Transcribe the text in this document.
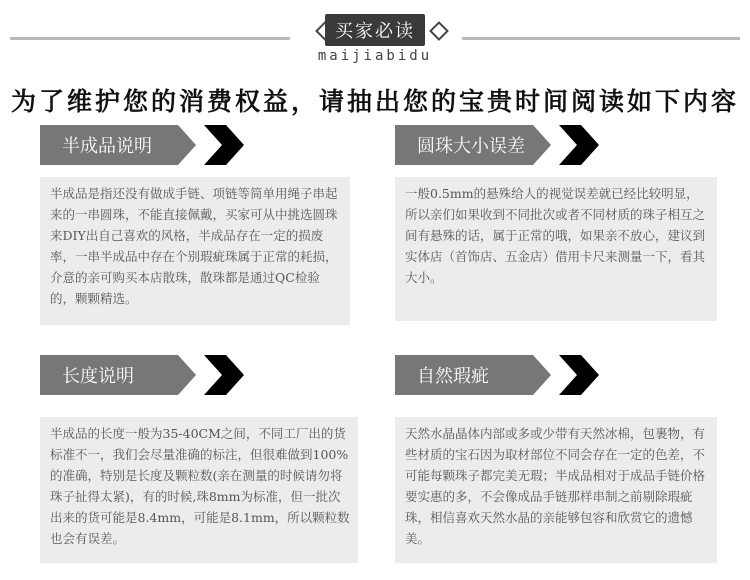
买家必读
maijiabidu
为了维护您的消费权益，请抽出您的宝贵时间阅读如下内容
半成品说明
半成品是指还没有做成手链、项链等简单用绳子串起来的一串圆珠，不能直接佩戴，买家可从中挑选圆珠来DIY出自己喜欢的风格，半成品存在一定的损废率，一串半成品中存在个别瑕疵珠属于正常的耗损，介意的亲可购买本店散珠，散珠都是通过QC检验的，颗颗精选。
圆珠大小误差
一般0.5mm的悬殊给人的视觉误差就已经比较明显，所以亲们如果收到不同批次或者不同材质的珠子相互之间有悬殊的话，属于正常的哦，如果亲不放心，建议到实体店（首饰店、五金店）借用卡尺来测量一下，看其大小。
长度说明
半成品的长度一般为35-40CM之间，不同工厂出的货标准不一，我们会尽量准确的标注，但很难做到100%的准确，特别是长度及颗粒数(亲在测量的时候请勿将珠子扯得太紧)，有的时候,珠8mm为标准，但一批次出来的货可能是8.4mm，可能是8.1mm，所以颗粒数也会有误差。
自然瑕疵
天然水晶晶体内部或多或少带有天然冰棉，包裹物，有些材质的宝石因为取材部位不同会存在一定的色差，不可能每颗珠子都完美无瑕；半成品相对于成品手链价格要实惠的多，不会像成品手链那样串制之前剔除瑕疵珠，相信喜欢天然水晶的亲能够包容和欣赏它的遗憾美。
